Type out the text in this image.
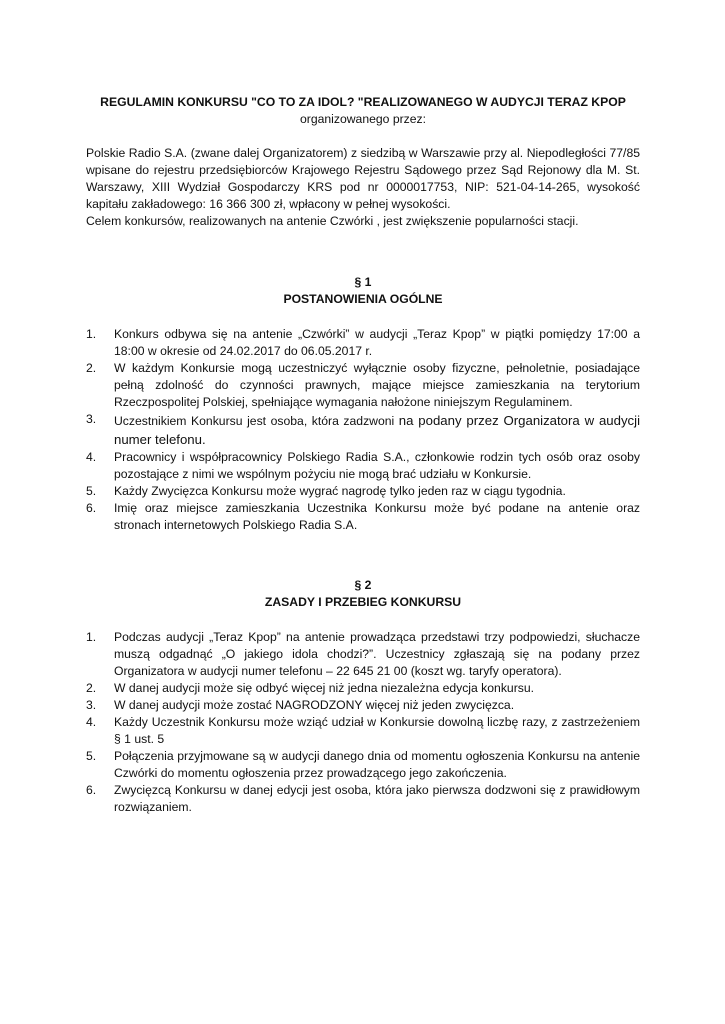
REGULAMIN KONKURSU "CO TO ZA IDOL? "REALIZOWANEGO W AUDYCJI TERAZ KPOP

organizowanego przez:

Polskie Radio S.A. (zwane dalej Organizatorem) z siedzibą w Warszawie przy al. Niepodległości 77/85 wpisane do rejestru przedsiębiorców Krajowego Rejestru Sądowego przez Sąd Rejonowy dla M. St. Warszawy, XIII Wydział Gospodarczy KRS pod nr 0000017753, NIP: 521-04-14-265, wysokość kapitału zakładowego: 16 366 300 zł, wpłacony w pełnej wysokości.

Celem konkursów, realizowanych na antenie Czwórki , jest zwiększenie popularności stacji.

§ 1

POSTANOWIENIA OGÓLNE

1. Konkurs odbywa się na antenie „Czwórki” w audycji „Teraz Kpop” w piątki pomiędzy 17:00 a 18:00 w okresie od 24.02.2017 do 06.05.2017 r.
2. W każdym Konkursie mogą uczestniczyć wyłącznie osoby fizyczne, pełnoletnie, posiadające pełną zdolność do czynności prawnych, mające miejsce zamieszkania na terytorium Rzeczpospolitej Polskiej, spełniające wymagania nałożone niniejszym Regulaminem.
3. Uczestnikiem Konkursu jest osoba, która zadzwoni na podany przez Organizatora w audycji numer telefonu.
4. Pracownicy i współpracownicy Polskiego Radia S.A., członkowie rodzin tych osób oraz osoby pozostające z nimi we wspólnym pożyciu nie mogą brać udziału w Konkursie.
5. Każdy Zwycięzca Konkursu może wygrać nagrodę tylko jeden raz w ciągu tygodnia.
6. Imię oraz miejsce zamieszkania Uczestnika Konkursu może być podane na antenie oraz stronach internetowych Polskiego Radia S.A.

§ 2

ZASADY I PRZEBIEG KONKURSU

1. Podczas audycji „Teraz Kpop” na antenie prowadząca przedstawi trzy podpowiedzi, słuchacze muszą odgadnąć „O jakiego idola chodzi?”. Uczestnicy zgłaszają się na podany przez Organizatora w audycji numer telefonu – 22 645 21 00 (koszt wg. taryfy operatora).
2. W danej audycji może się odbyć więcej niż jedna niezależna edycja konkursu.
3. W danej audycji może zostać NAGRODZONY więcej niż jeden zwycięzca.
4. Każdy Uczestnik Konkursu może wziąć udział w Konkursie dowolną liczbę razy, z zastrzeżeniem § 1 ust. 5
5. Połączenia przyjmowane są w audycji danego dnia od momentu ogłoszenia Konkursu na antenie Czwórki do momentu ogłoszenia przez prowadzącego jego zakończenia.
6. Zwycięzcą Konkursu w danej edycji jest osoba, która jako pierwsza dodzwoni się z prawidłowym rozwiązaniem.
